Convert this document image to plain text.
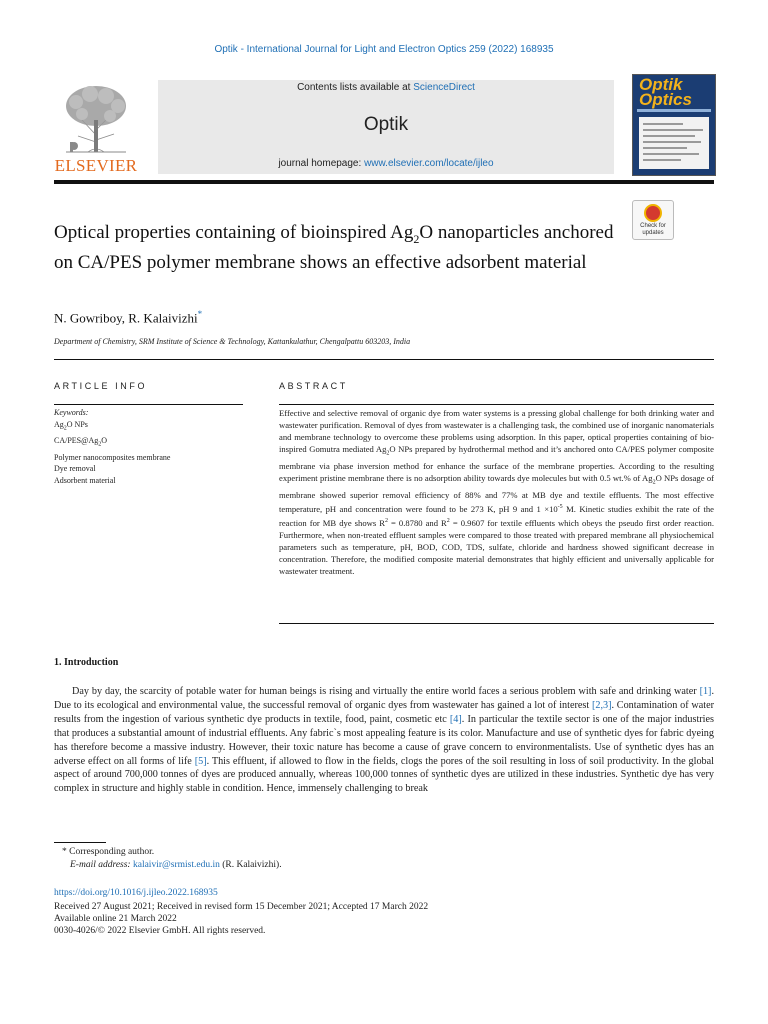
Optik - International Journal for Light and Electron Optics 259 (2022) 168935
ELSEVIER
Contents lists available at ScienceDirect
Optik
journal homepage: www.elsevier.com/locate/ijleo
Optik Optics
Optical properties containing of bioinspired $Ag_2O$ nanoparticles anchored on CA/PES polymer membrane shows an effective adsorbent material
Check for updates
N. Gowriboy, R. Kalaivizhi*
Department of Chemistry, SRM Institute of Science & Technology, Kattankulathur, Chengalpattu 603203, India
ARTICLE INFO
Keywords:
$Ag_2O$ NPs
$CA/PES@Ag_2O$
Polymer nanocomposites membrane
Dye removal
Adsorbent material
ABSTRACT
Effective and selective removal of organic dye from water systems is a pressing global challenge for both drinking water and wastewater purification. Removal of dyes from wastewater is a challenging task, the combined use of inorganic nanomaterials and membrane technology to overcome these problems using adsorption. In this paper, optical properties containing of bio-inspired Gomutra mediated $Ag_2O$ NPs prepared by hydrothermal method and it’s anchored onto CA/PES polymer composite membrane via phase inversion method for enhance the surface of the membrane properties. According to the resulting experiment pristine membrane there is no adsorption ability towards dye molecules but with 0.5 wt.% of $Ag_2O$ NPs dosage of membrane showed superior removal efficiency of 88% and 77% at MB dye and textile effluents. The most effective temperature, pH and concentration were found to be 273 K, pH 9 and $1 \times 10^{-5}$ M. Kinetic studies exhibit the rate of the reaction for MB dye shows $R^2 = 0.8780$ and $R^2 = 0.9607$ for textile effluents which obeys the pseudo first order reaction. Furthermore, when non-treated effluent samples were compared to those treated with prepared membrane all physiochemical parameters such as temperature, pH, BOD, COD, TDS, sulfate, chloride and hardness showed significant decrease in concentration. Therefore, the modified composite material demonstrates that highly efficient and universally applicable for wastewater treatment.
1. Introduction
Day by day, the scarcity of potable water for human beings is rising and virtually the entire world faces a serious problem with safe and drinking water [1]. Due to its ecological and environmental value, the successful removal of organic dyes from wastewater has gained a lot of interest [2,3]. Contamination of water results from the ingestion of various synthetic dye products in textile, food, paint, cosmetic etc [4]. In particular the textile sector is one of the major industries that produces a substantial amount of industrial effluents. Any fabric`s most appealing feature is its color. Manufacture and use of synthetic dyes for fabric dyeing has therefore become a massive industry. However, their toxic nature has become a cause of grave concern to environmentalists. Use of synthetic dyes has an adverse effect on all forms of life [5]. This effluent, if allowed to flow in the fields, clogs the pores of the soil resulting in loss of soil productivity. In the global aspect of around 700,000 tonnes of dyes are produced annually, whereas 100,000 tonnes of synthetic dyes are utilized in these industries. Synthetic dye has very complex in structure and highly stable in condition. Hence, immensely challenging to break
* Corresponding author.
E-mail address: kalaivir@srmist.edu.in (R. Kalaivizhi).
https://doi.org/10.1016/j.ijleo.2022.168935
Received 27 August 2021; Received in revised form 15 December 2021; Accepted 17 March 2022
Available online 21 March 2022
0030-4026/© 2022 Elsevier GmbH. All rights reserved.
